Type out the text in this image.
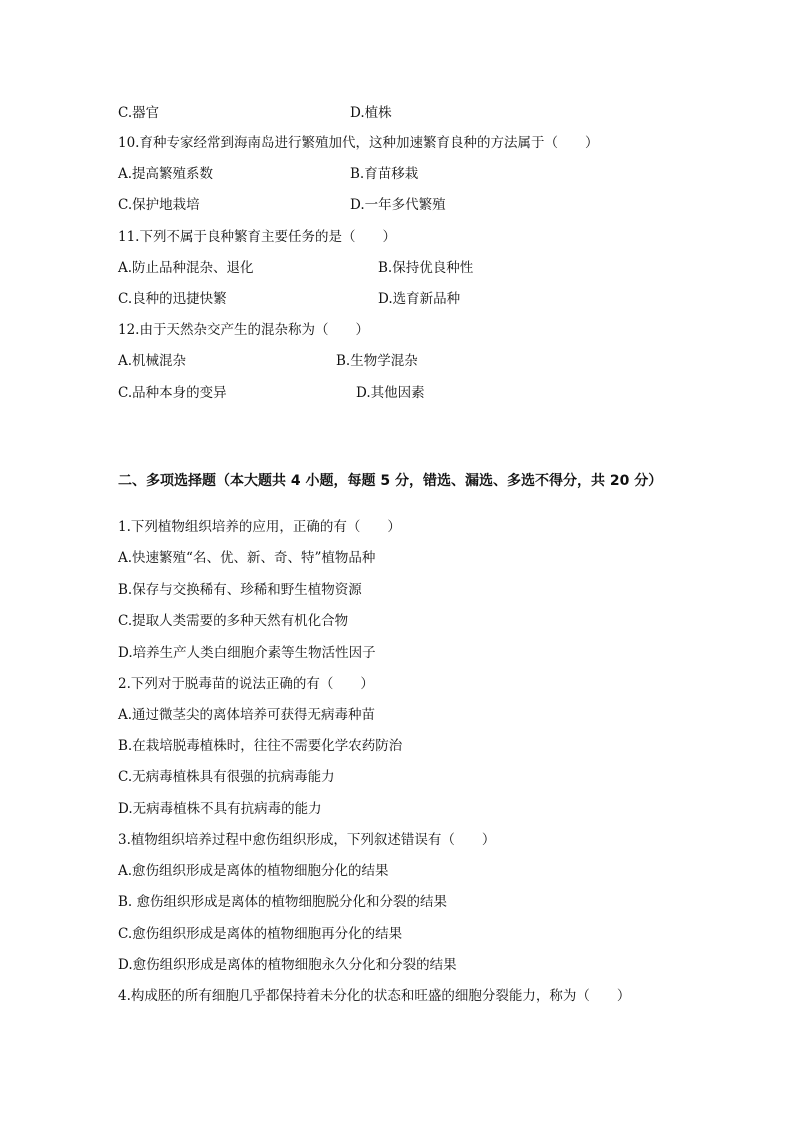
C.器官	D.植株
10.育种专家经常到海南岛进行繁殖加代，这种加速繁育良种的方法属于（　　）
A.提高繁殖系数	B.育苗移栽
C.保护地栽培	D.一年多代繁殖
11.下列不属于良种繁育主要任务的是（　　）
A.防止品种混杂、退化	B.保持优良种性
C.良种的迅捷快繁	D.选育新品种
12.由于天然杂交产生的混杂称为（　　）
A.机械混杂	B.生物学混杂
C.品种本身的变异	D.其他因素
二、多项选择题（本大题共 4 小题，每题 5 分，错选、漏选、多选不得分，共 20 分）
1.下列植物组织培养的应用，正确的有（　　）
A.快速繁殖“名、优、新、奇、特”植物品种
B.保存与交换稀有、珍稀和野生植物资源
C.提取人类需要的多种天然有机化合物
D.培养生产人类白细胞介素等生物活性因子
2.下列对于脱毒苗的说法正确的有（　　）
A.通过微茎尖的离体培养可获得无病毒种苗
B.在栽培脱毒植株时，往往不需要化学农药防治
C.无病毒植株具有很强的抗病毒能力
D.无病毒植株不具有抗病毒的能力
3.植物组织培养过程中愈伤组织形成，下列叙述错误有（　　）
A.愈伤组织形成是离体的植物细胞分化的结果
B. 愈伤组织形成是离体的植物细胞脱分化和分裂的结果
C.愈伤组织形成是离体的植物细胞再分化的结果
D.愈伤组织形成是离体的植物细胞永久分化和分裂的结果
4.构成胚的所有细胞几乎都保持着未分化的状态和旺盛的细胞分裂能力，称为（　　）
